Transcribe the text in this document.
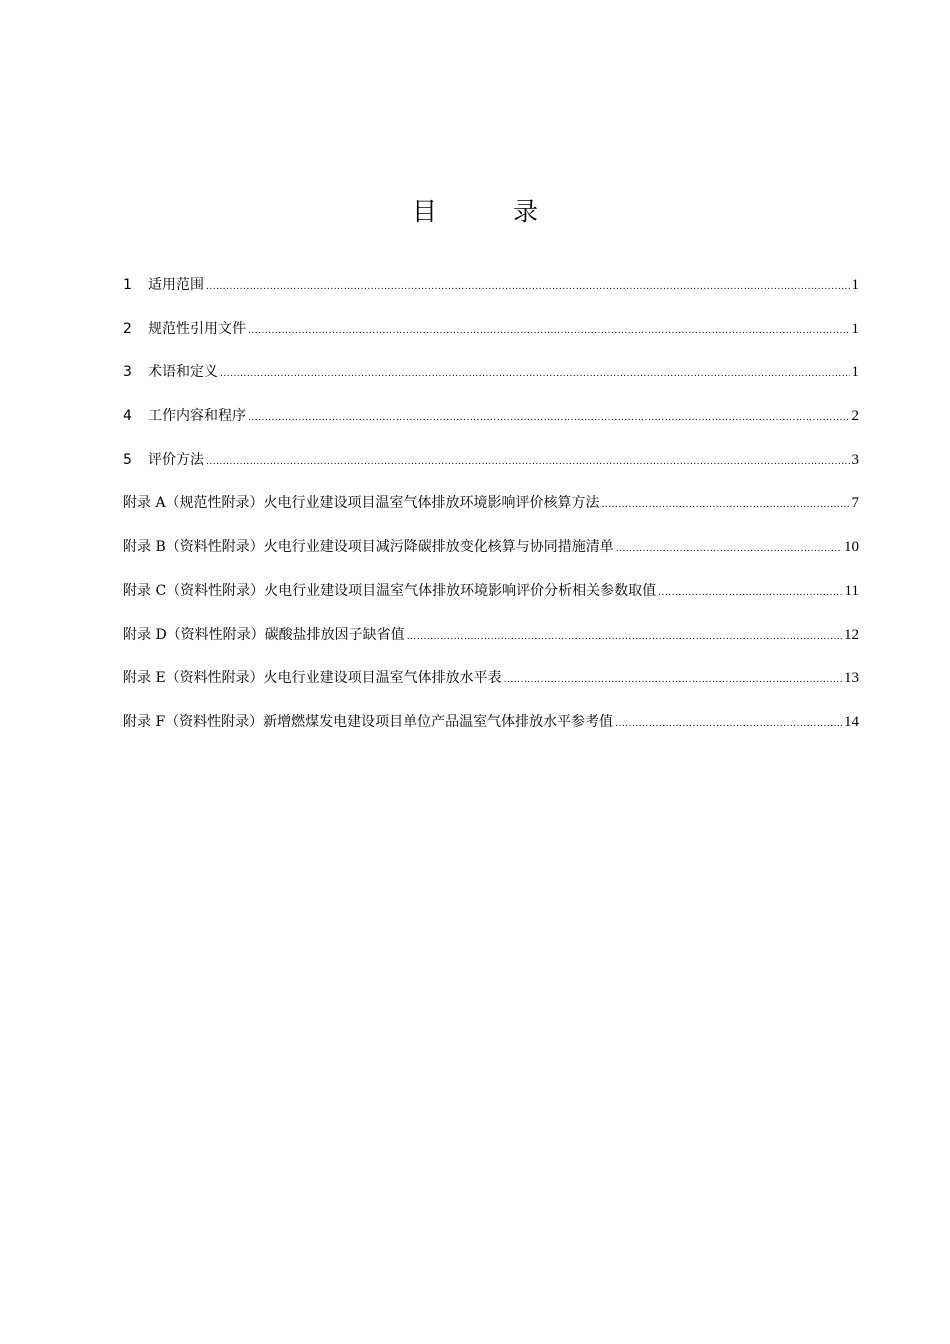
目 录
1	适用范围 .....	1
2	规范性引用文件 .....	1
3	术语和定义 .....	1
4	工作内容和程序 .....	2
5	评价方法 .....	3
附录 A（规范性附录）火电行业建设项目温室气体排放环境影响评价核算方法 .....	7
附录 B（资料性附录）火电行业建设项目减污降碳排放变化核算与协同措施清单 .....	10
附录 C（资料性附录）火电行业建设项目温室气体排放环境影响评价分析相关参数取值 .....	11
附录 D（资料性附录）碳酸盐排放因子缺省值 .....	12
附录 E（资料性附录）火电行业建设项目温室气体排放水平表 .....	13
附录 F（资料性附录）新增燃煤发电建设项目单位产品温室气体排放水平参考值 .....	14
